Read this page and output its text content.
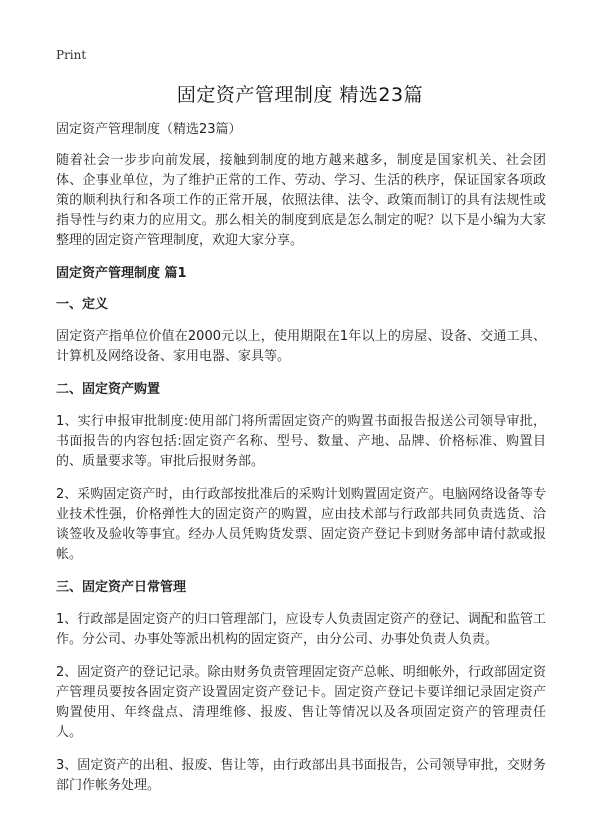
Print
固定资产管理制度 精选23篇

固定资产管理制度（精选23篇）

随着社会一步步向前发展，接触到制度的地方越来越多，制度是国家机关、社会团体、企事业单位，为了维护正常的工作、劳动、学习、生活的秩序，保证国家各项政策的顺利执行和各项工作的正常开展，依照法律、法令、政策而制订的具有法规性或指导性与约束力的应用文。那么相关的制度到底是怎么制定的呢？以下是小编为大家整理的固定资产管理制度，欢迎大家分享。

固定资产管理制度 篇1

一、定义

固定资产指单位价值在2000元以上，使用期限在1年以上的房屋、设备、交通工具、计算机及网络设备、家用电器、家具等。

二、固定资产购置

1、实行申报审批制度:使用部门将所需固定资产的购置书面报告报送公司领导审批，书面报告的内容包括:固定资产名称、型号、数量、产地、品牌、价格标准、购置目的、质量要求等。审批后报财务部。

2、采购固定资产时，由行政部按批准后的采购计划购置固定资产。电脑网络设备等专业技术性强，价格弹性大的固定资产的购置，应由技术部与行政部共同负责选货、洽谈签收及验收等事宜。经办人员凭购货发票、固定资产登记卡到财务部申请付款或报帐。

三、固定资产日常管理

1、行政部是固定资产的归口管理部门，应设专人负责固定资产的登记、调配和监管工作。分公司、办事处等派出机构的固定资产，由分公司、办事处负责人负责。

2、固定资产的登记记录。除由财务负责管理固定资产总帐、明细帐外，行政部固定资产管理员要按各固定资产设置固定资产登记卡。固定资产登记卡要详细记录固定资产购置使用、年终盘点、清理维修、报废、售让等情况以及各项固定资产的管理责任人。

3、固定资产的出租、报废、售让等，由行政部出具书面报告，公司领导审批，交财务部门作帐务处理。
